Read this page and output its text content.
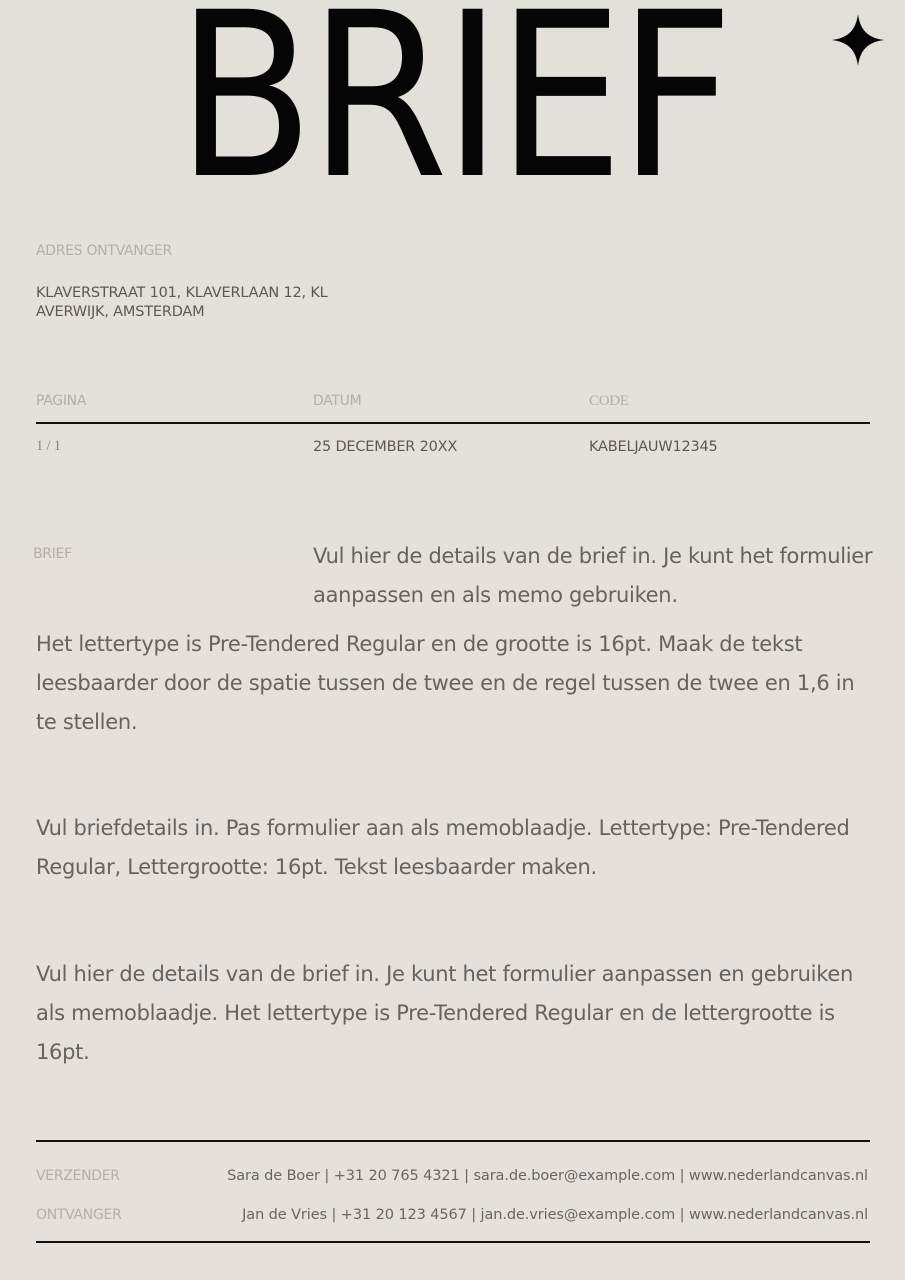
BRIEF
ADRES ONTVANGER
KLAVERSTRAAT 101, KLAVERLAAN 12, KL
AVERWIJK, AMSTERDAM
PAGINA	DATUM	CODE
1 / 1	25 DECEMBER 20XX	KABELJAUW12345
BRIEF	Vul hier de details van de brief in. Je kunt het formulier aanpassen en als memo gebruiken.

Het lettertype is Pre-Tendered Regular en de grootte is 16pt. Maak de tekst leesbaarder door de spatie tussen de twee en de regel tussen de twee en 1,6 in te stellen.

Vul briefdetails in. Pas formulier aan als memoblaadje. Lettertype: Pre-Tendered Regular, Lettergrootte: 16pt. Tekst leesbaarder maken.

Vul hier de details van de brief in. Je kunt het formulier aanpassen en gebruiken als memoblaadje. Het lettertype is Pre-Tendered Regular en de lettergrootte is 16pt.

VERZENDER	Sara de Boer | +31 20 765 4321 | sara.de.boer@example.com | www.nederlandcanvas.nl
ONTVANGER	Jan de Vries | +31 20 123 4567 | jan.de.vries@example.com | www.nederlandcanvas.nl
